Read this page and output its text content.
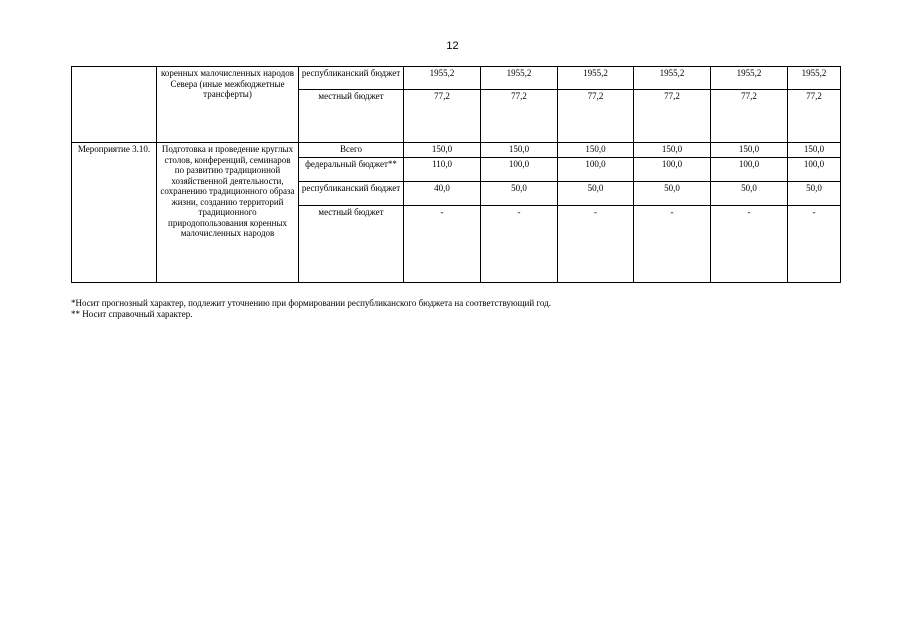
12
	коренных малочисленных народов Севера (иные межбюджетные трансферты)	республиканский бюджет	1955,2	1955,2	1955,2	1955,2	1955,2	1955,2
		местный бюджет	77,2	77,2	77,2	77,2	77,2	77,2
Мероприятие 3.10.	Подготовка и проведение круглых столов, конференций, семинаров по развитию традиционной хозяйственной деятельности, сохранению традиционного образа жизни, созданию территорий традиционного природопользования коренных малочисленных народов	Всего	150,0	150,0	150,0	150,0	150,0	150,0
		федеральный бюджет**	110,0	100,0	100,0	100,0	100,0	100,0
		республиканский бюджет	40,0	50,0	50,0	50,0	50,0	50,0
		местный бюджет	-	-	-	-	-	-
*Носит прогнозный характер, подлежит уточнению при формировании республиканского бюджета на соответствующий год.
** Носит справочный характер.
